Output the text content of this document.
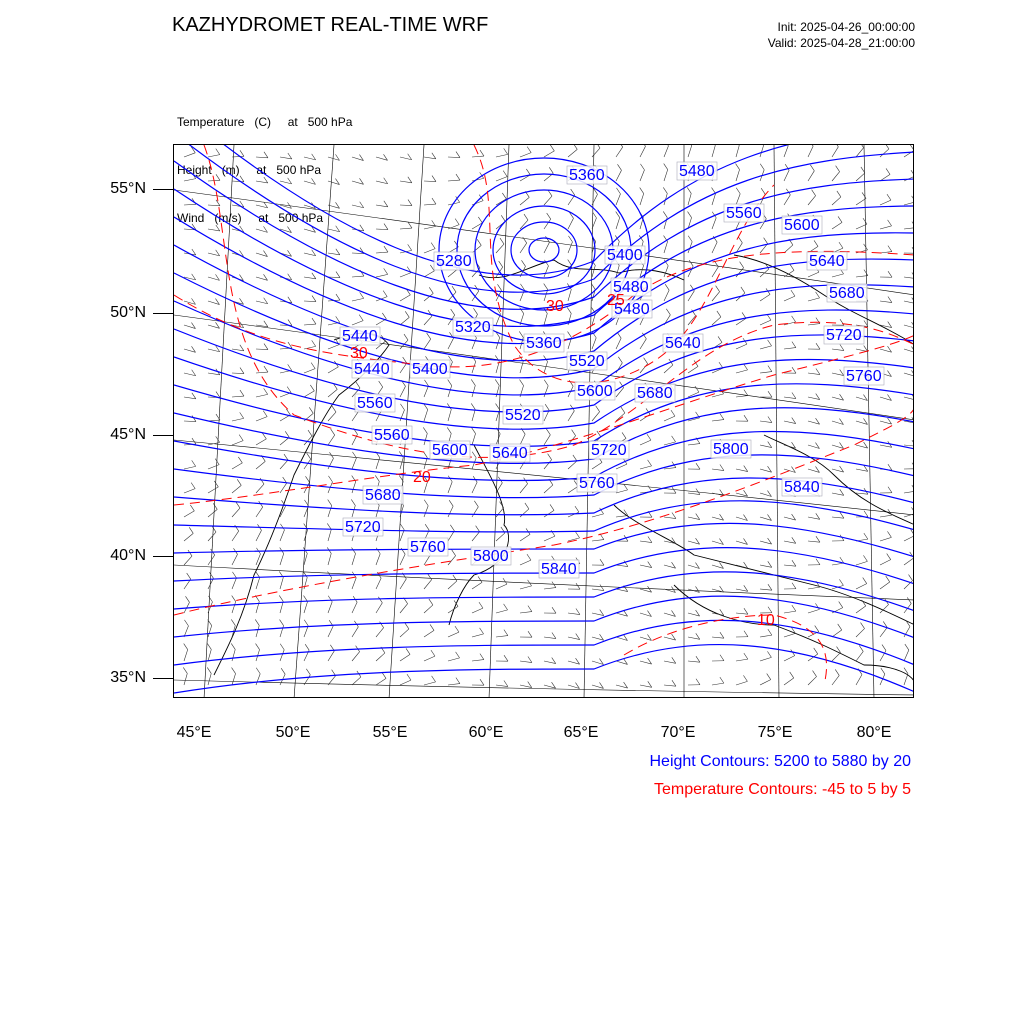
KAZHYDROMET REAL-TIME WRF	Init: 2025-04-26_00:00:00
Valid: 2025-04-28_21:00:00

Temperature   (C)     at   500 hPa

Height   (m)     at   500 hPa

Wind   (m/s)     at   500 hPa

5360	5480
5560
5600
5640
5680
5720
5760
5280	5400
5480
5320
5440
5440
5480
5400
5360
5520
5640
5520
5600 5680
5560
5560
5600 5640	5720	5800
5680
5760
5720
5840
5760
5800
5840
30
30
20
25
10
55°N
50°N
45°N
40°N
35°N
45°E	50°E	55°E	60°E	65°E	70°E	75°E	80°E
Height Contours: 5200 to 5880 by 20
Temperature Contours: -45 to 5 by 5
